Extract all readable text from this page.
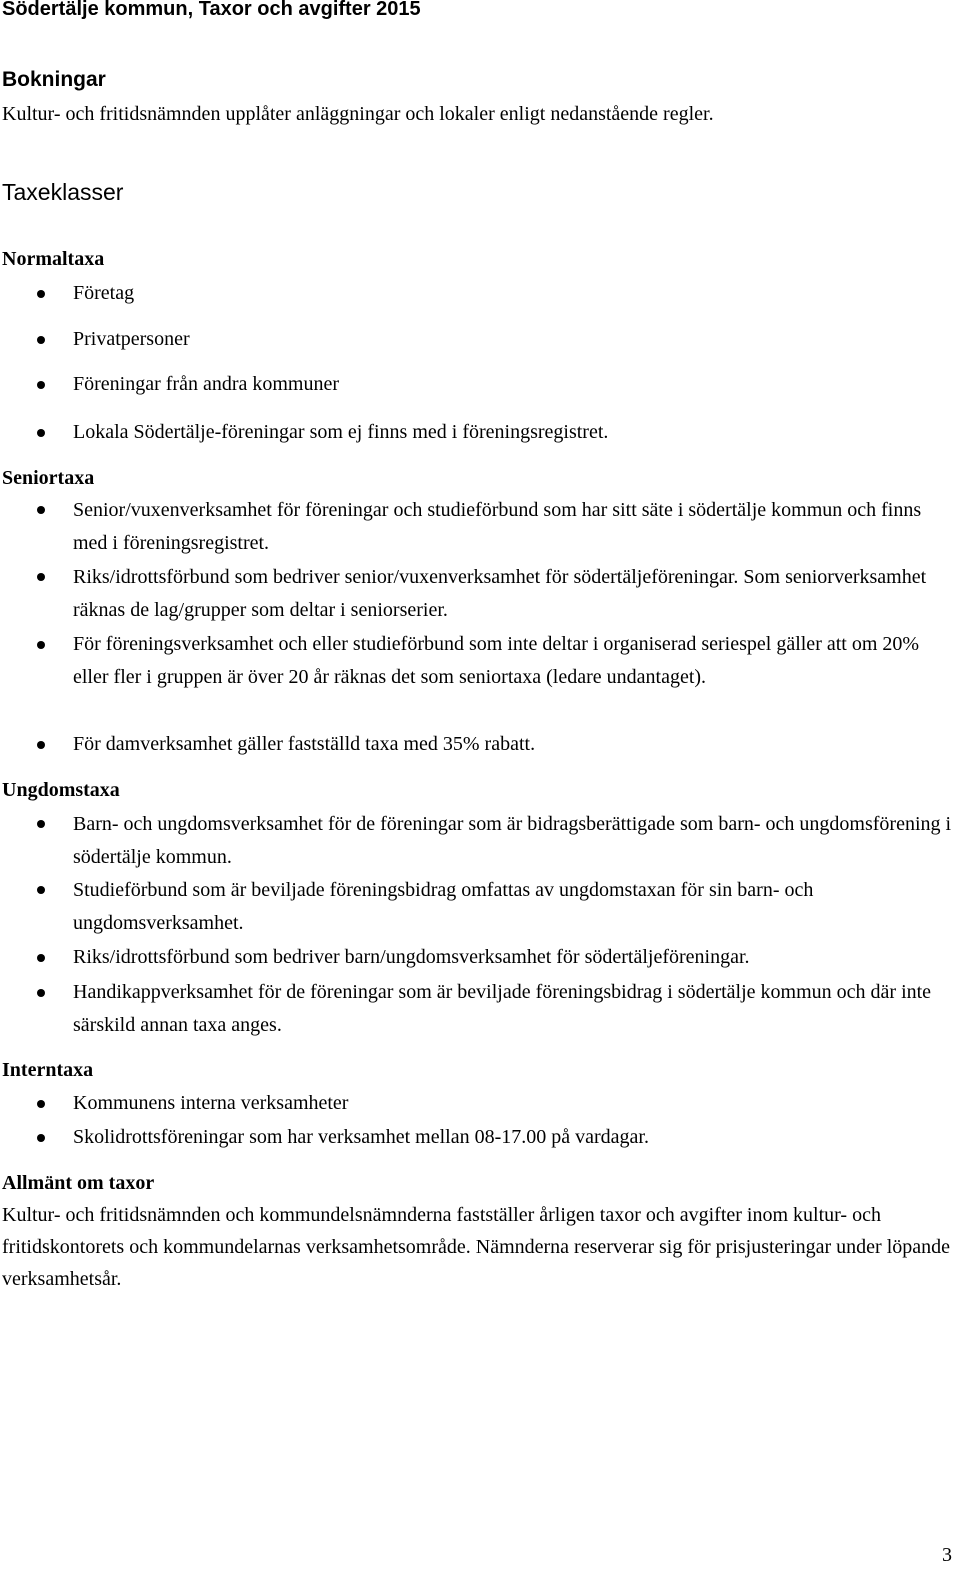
Södertälje kommun, Taxor och avgifter 2015
Bokningar
Kultur- och fritidsnämnden upplåter anläggningar och lokaler enligt nedanstående regler.
Taxeklasser
Normaltaxa
Företag
Privatpersoner
Föreningar från andra kommuner
Lokala Södertälje-föreningar som ej finns med i föreningsregistret.
Seniortaxa
Senior/vuxenverksamhet för föreningar och studieförbund som har sitt säte i södertälje kommun och finns med i föreningsregistret.
Riks/idrottsförbund som bedriver senior/vuxenverksamhet för södertäljeföreningar. Som seniorverksamhet räknas de lag/grupper som deltar i seniorserier.
För föreningsverksamhet och eller studieförbund som inte deltar i organiserad seriespel gäller att om 20% eller fler i gruppen är över 20 år räknas det som seniortaxa (ledare undantaget).
För damverksamhet gäller fastställd taxa med 35% rabatt.
Ungdomstaxa
Barn- och ungdomsverksamhet för de föreningar som är bidragsberättigade som barn- och ungdomsförening i södertälje kommun.
Studieförbund som är beviljade föreningsbidrag omfattas av ungdomstaxan för sin barn- och ungdomsverksamhet.
Riks/idrottsförbund som bedriver barn/ungdomsverksamhet för södertäljeföreningar.
Handikappverksamhet för de föreningar som är beviljade föreningsbidrag i södertälje kommun och där inte särskild annan taxa anges.
Interntaxa
Kommunens interna verksamheter
Skolidrottsföreningar som har verksamhet mellan 08-17.00 på vardagar.
Allmänt om taxor
Kultur- och fritidsnämnden och kommundelsnämnderna fastställer årligen taxor och avgifter inom kultur- och fritidskontorets och kommundelarnas verksamhetsområde. Nämnderna reserverar sig för prisjusteringar under löpande verksamhetsår.
3
